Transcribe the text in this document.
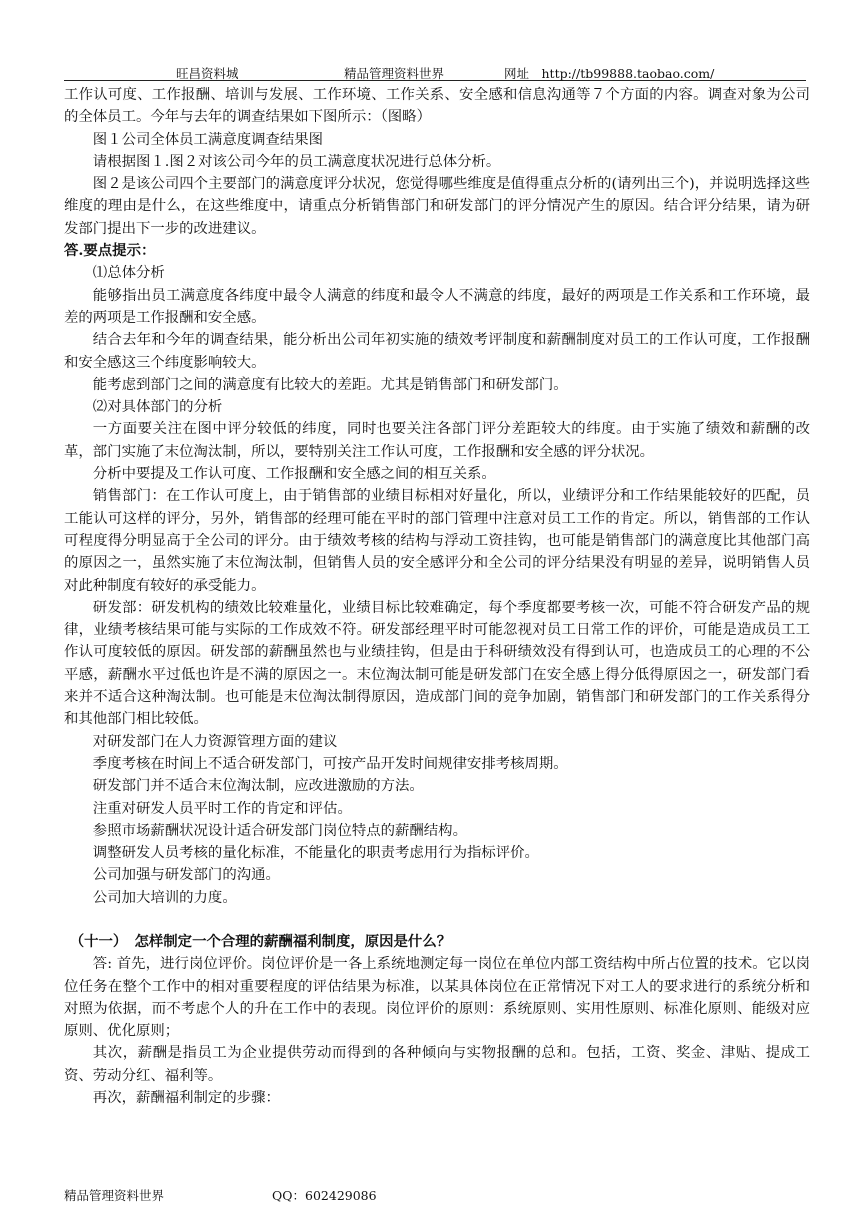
旺昌资料城	精品管理资料世界	网址　http://tb99888.taobao.com/

工作认可度、工作报酬、培训与发展、工作环境、工作关系、安全感和信息沟通等７个方面的内容。调查对象为公司的全体员工。今年与去年的调查结果如下图所示：（图略）

图１公司全体员工满意度调查结果图

请根据图１.图２对该公司今年的员工满意度状况进行总体分析。

图２是该公司四个主要部门的满意度评分状况，您觉得哪些维度是值得重点分析的(请列出三个)，并说明选择这些维度的理由是什么，在这些维度中，请重点分析销售部门和研发部门的评分情况产生的原因。结合评分结果，请为研发部门提出下一步的改进建议。

答.要点提示：

⑴总体分析

能够指出员工满意度各纬度中最令人满意的纬度和最令人不满意的纬度，最好的两项是工作关系和工作环境，最差的两项是工作报酬和安全感。

结合去年和今年的调查结果，能分析出公司年初实施的绩效考评制度和薪酬制度对员工的工作认可度，工作报酬和安全感这三个纬度影响较大。

能考虑到部门之间的满意度有比较大的差距。尤其是销售部门和研发部门。

⑵对具体部门的分析

一方面要关注在图中评分较低的纬度，同时也要关注各部门评分差距较大的纬度。由于实施了绩效和薪酬的改革，部门实施了末位淘汰制，所以，要特别关注工作认可度，工作报酬和安全感的评分状况。

分析中要提及工作认可度、工作报酬和安全感之间的相互关系。

销售部门：在工作认可度上，由于销售部的业绩目标相对好量化，所以，业绩评分和工作结果能较好的匹配，员工能认可这样的评分，另外，销售部的经理可能在平时的部门管理中注意对员工工作的肯定。所以，销售部的工作认可程度得分明显高于全公司的评分。由于绩效考核的结构与浮动工资挂钩，也可能是销售部门的满意度比其他部门高的原因之一，虽然实施了末位淘汰制，但销售人员的安全感评分和全公司的评分结果没有明显的差异，说明销售人员对此种制度有较好的承受能力。

研发部：研发机构的绩效比较难量化，业绩目标比较难确定，每个季度都要考核一次，可能不符合研发产品的规律，业绩考核结果可能与实际的工作成效不符。研发部经理平时可能忽视对员工日常工作的评价，可能是造成员工工作认可度较低的原因。研发部的薪酬虽然也与业绩挂钩，但是由于科研绩效没有得到认可，也造成员工的心理的不公平感，薪酬水平过低也许是不满的原因之一。末位淘汰制可能是研发部门在安全感上得分低得原因之一，研发部门看来并不适合这种淘汰制。也可能是末位淘汰制得原因，造成部门间的竞争加剧，销售部门和研发部门的工作关系得分和其他部门相比较低。

对研发部门在人力资源管理方面的建议

季度考核在时间上不适合研发部门，可按产品开发时间规律安排考核周期。

研发部门并不适合末位淘汰制，应改进激励的方法。

注重对研发人员平时工作的肯定和评估。

参照市场薪酬状况设计适合研发部门岗位特点的薪酬结构。

调整研发人员考核的量化标准，不能量化的职责考虑用行为指标评价。

公司加强与研发部门的沟通。

公司加大培训的力度。

（十一）　怎样制定一个合理的薪酬福利制度，原因是什么？

答: 首先，进行岗位评价。岗位评价是一各上系统地测定每一岗位在单位内部工资结构中所占位置的技术。它以岗位任务在整个工作中的相对重要程度的评估结果为标准，以某具体岗位在正常情况下对工人的要求进行的系统分析和对照为依据，而不考虑个人的升在工作中的表现。岗位评价的原则：系统原则、实用性原则、标准化原则、能级对应原则、优化原则；

其次，薪酬是指员工为企业提供劳动而得到的各种倾向与实物报酬的总和。包括，工资、奖金、津贴、提成工资、劳动分红、福利等。

再次，薪酬福利制定的步骤：

精品管理资料世界	QQ：602429086
